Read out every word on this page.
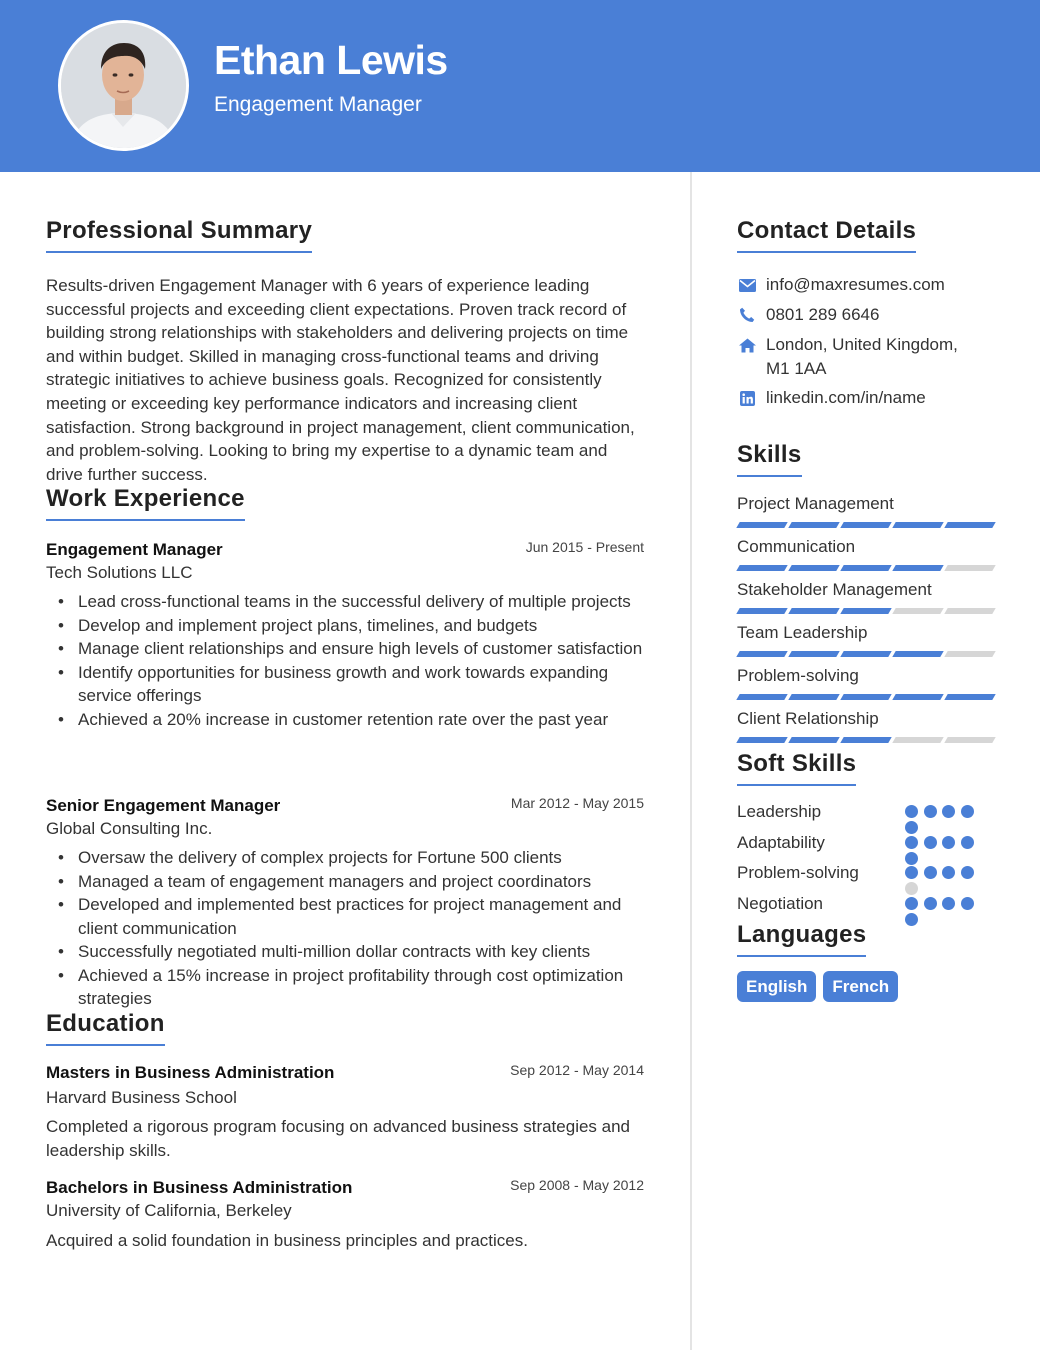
Ethan Lewis
Engagement Manager
Professional Summary
Results-driven Engagement Manager with 6 years of experience leading successful projects and exceeding client expectations. Proven track record of building strong relationships with stakeholders and delivering projects on time and within budget. Skilled in managing cross-functional teams and driving strategic initiatives to achieve business goals. Recognized for consistently meeting or exceeding key performance indicators and increasing client satisfaction. Strong background in project management, client communication, and problem-solving. Looking to bring my expertise to a dynamic team and drive further success.
Work Experience
Engagement Manager	Jun 2015 - Present
Tech Solutions LLC
• Lead cross-functional teams in the successful delivery of multiple projects
• Develop and implement project plans, timelines, and budgets
• Manage client relationships and ensure high levels of customer satisfaction
• Identify opportunities for business growth and work towards expanding service offerings
• Achieved a 20% increase in customer retention rate over the past year
Senior Engagement Manager	Mar 2012 - May 2015
Global Consulting Inc.
• Oversaw the delivery of complex projects for Fortune 500 clients
• Managed a team of engagement managers and project coordinators
• Developed and implemented best practices for project management and client communication
• Successfully negotiated multi-million dollar contracts with key clients
• Achieved a 15% increase in project profitability through cost optimization strategies
Education
Masters in Business Administration	Sep 2012 - May 2014
Harvard Business School
Completed a rigorous program focusing on advanced business strategies and leadership skills.
Bachelors in Business Administration	Sep 2008 - May 2012
University of California, Berkeley
Acquired a solid foundation in business principles and practices.
Contact Details
info@maxresumes.com
0801 289 6646
London, United Kingdom, M1 1AA
linkedin.com/in/name
Skills
Project Management
Communication
Stakeholder Management
Team Leadership
Problem-solving
Client Relationship
Soft Skills
Leadership
Adaptability
Problem-solving
Negotiation
Languages
English	French
